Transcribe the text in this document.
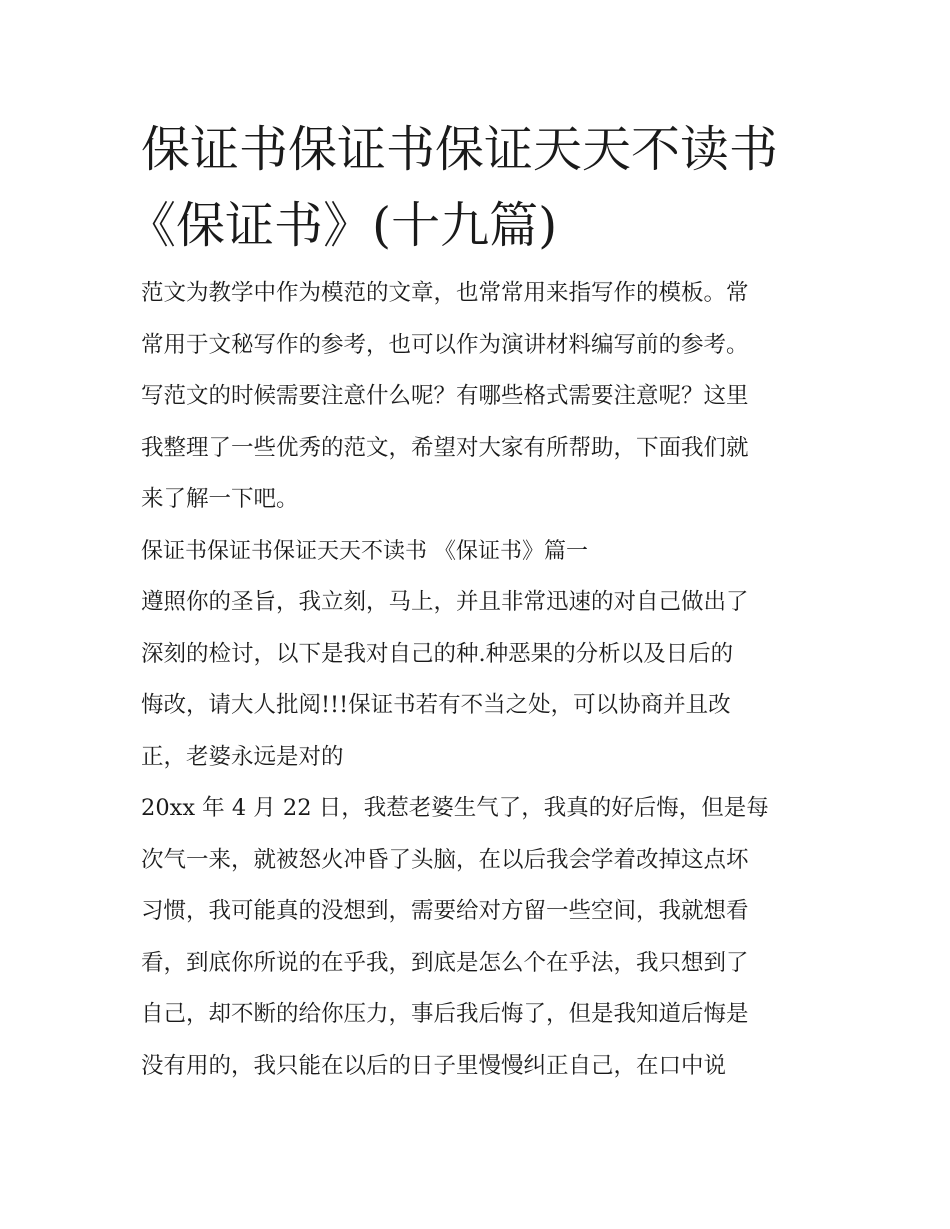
保证书保证书保证天天不读书
《保证书》(十九篇)

范文为教学中作为模范的文章，也常常用来指写作的模板。常

常用于文秘写作的参考，也可以作为演讲材料编写前的参考。

写范文的时候需要注意什么呢？有哪些格式需要注意呢？这里

我整理了一些优秀的范文，希望对大家有所帮助，下面我们就

来了解一下吧。

保证书保证书保证天天不读书 《保证书》篇一

遵照你的圣旨，我立刻，马上，并且非常迅速的对自己做出了

深刻的检讨，以下是我对自己的种.种恶果的分析以及日后的

悔改，请大人批阅!!!保证书若有不当之处，可以协商并且改

正，老婆永远是对的

20xx 年 4 月 22 日，我惹老婆生气了，我真的好后悔，但是每

次气一来，就被怒火冲昏了头脑，在以后我会学着改掉这点坏

习惯，我可能真的没想到，需要给对方留一些空间，我就想看

看，到底你所说的在乎我，到底是怎么个在乎法，我只想到了

自己，却不断的给你压力，事后我后悔了，但是我知道后悔是

没有用的，我只能在以后的日子里慢慢纠正自己，在口中说
